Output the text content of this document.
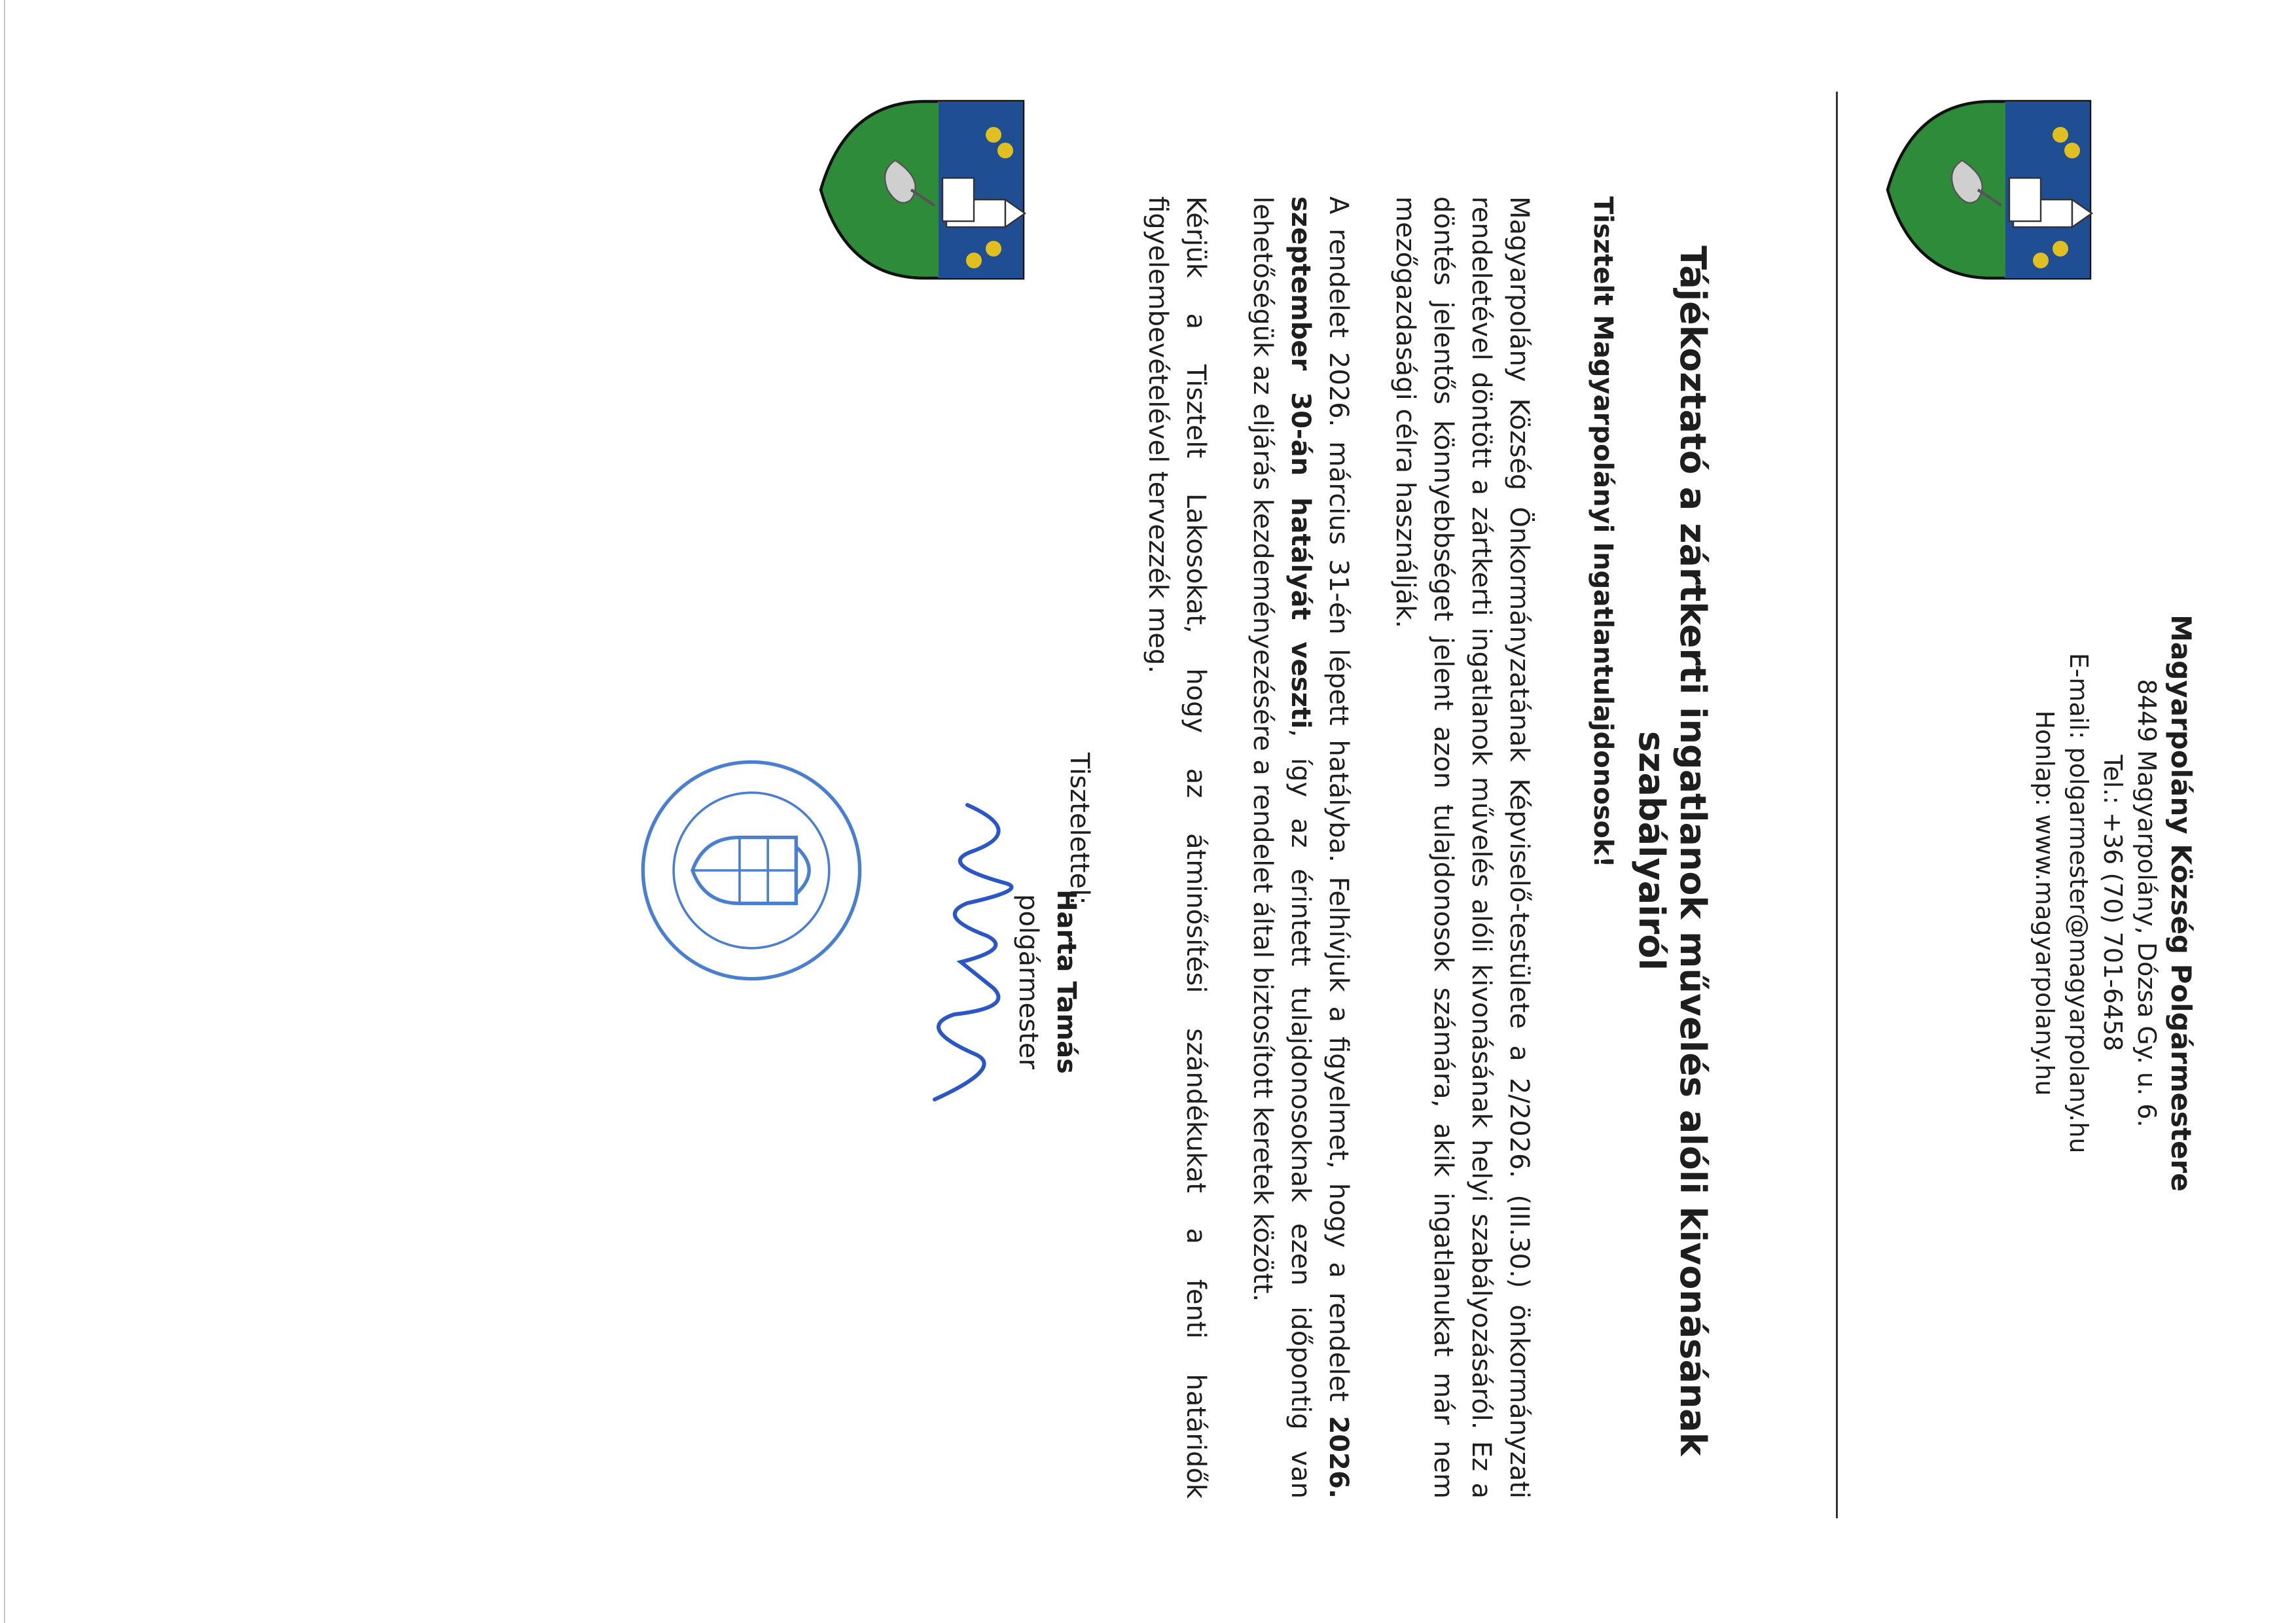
Magyarpolány Község Polgármestere
8449 Magyarpolány, Dózsa Gy. u. 6.
Tel.: +36 (70) 701-6458
E-mail: polgarmester@magyarpolany.hu
Honlap: www.magyarpolany.hu
Tájékoztató a zártkerti ingatlanok művelés alóli kivonásának szabályairól

Tisztelt Magyarpolányi Ingatlantulajdonosok!

Magyarpolány Község Önkormányzatának Képviselő-testülete a 2/2026. (III.30.) önkormányzati rendeletével döntött a zártkerti ingatlanok művelés alóli kivonásának helyi szabályozásáról. Ez a döntés jelentős könnyebbséget jelent azon tulajdonosok számára, akik ingatlanukat már nem mezőgazdasági célra használják.

A rendelet 2026. március 31-én lépett hatályba. Felhívjuk a figyelmet, hogy a rendelet 2026. szeptember 30-án hatályát veszti, így az érintett tulajdonosoknak ezen időpontig van lehetőségük az eljárás kezdeményezésére a rendelet által biztosított keretek között.

Kérjük a Tisztelt Lakosokat, hogy az átminősítési szándékukat a fenti határidők figyelembevételével tervezzék meg.

Tisztelettel:
Harta Tamás
polgármester
